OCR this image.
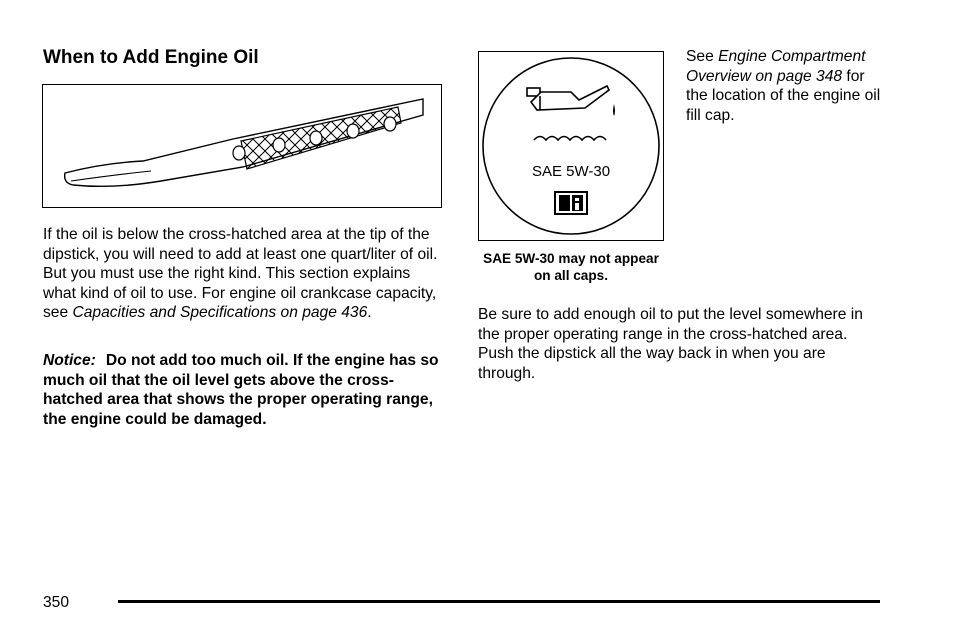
When to Add Engine Oil
If the oil is below the cross-hatched area at the tip of the dipstick, you will need to add at least one quart/liter of oil. But you must use the right kind. This section explains what kind of oil to use. For engine oil crankcase capacity, see Capacities and Specifications on page 436.
Notice: Do not add too much oil. If the engine has so much oil that the oil level gets above the cross-hatched area that shows the proper operating range, the engine could be damaged.
SAE 5W-30
SAE 5W-30 may not appear on all caps.
See Engine Compartment Overview on page 348 for the location of the engine oil fill cap.
Be sure to add enough oil to put the level somewhere in the proper operating range in the cross-hatched area. Push the dipstick all the way back in when you are through.
350
